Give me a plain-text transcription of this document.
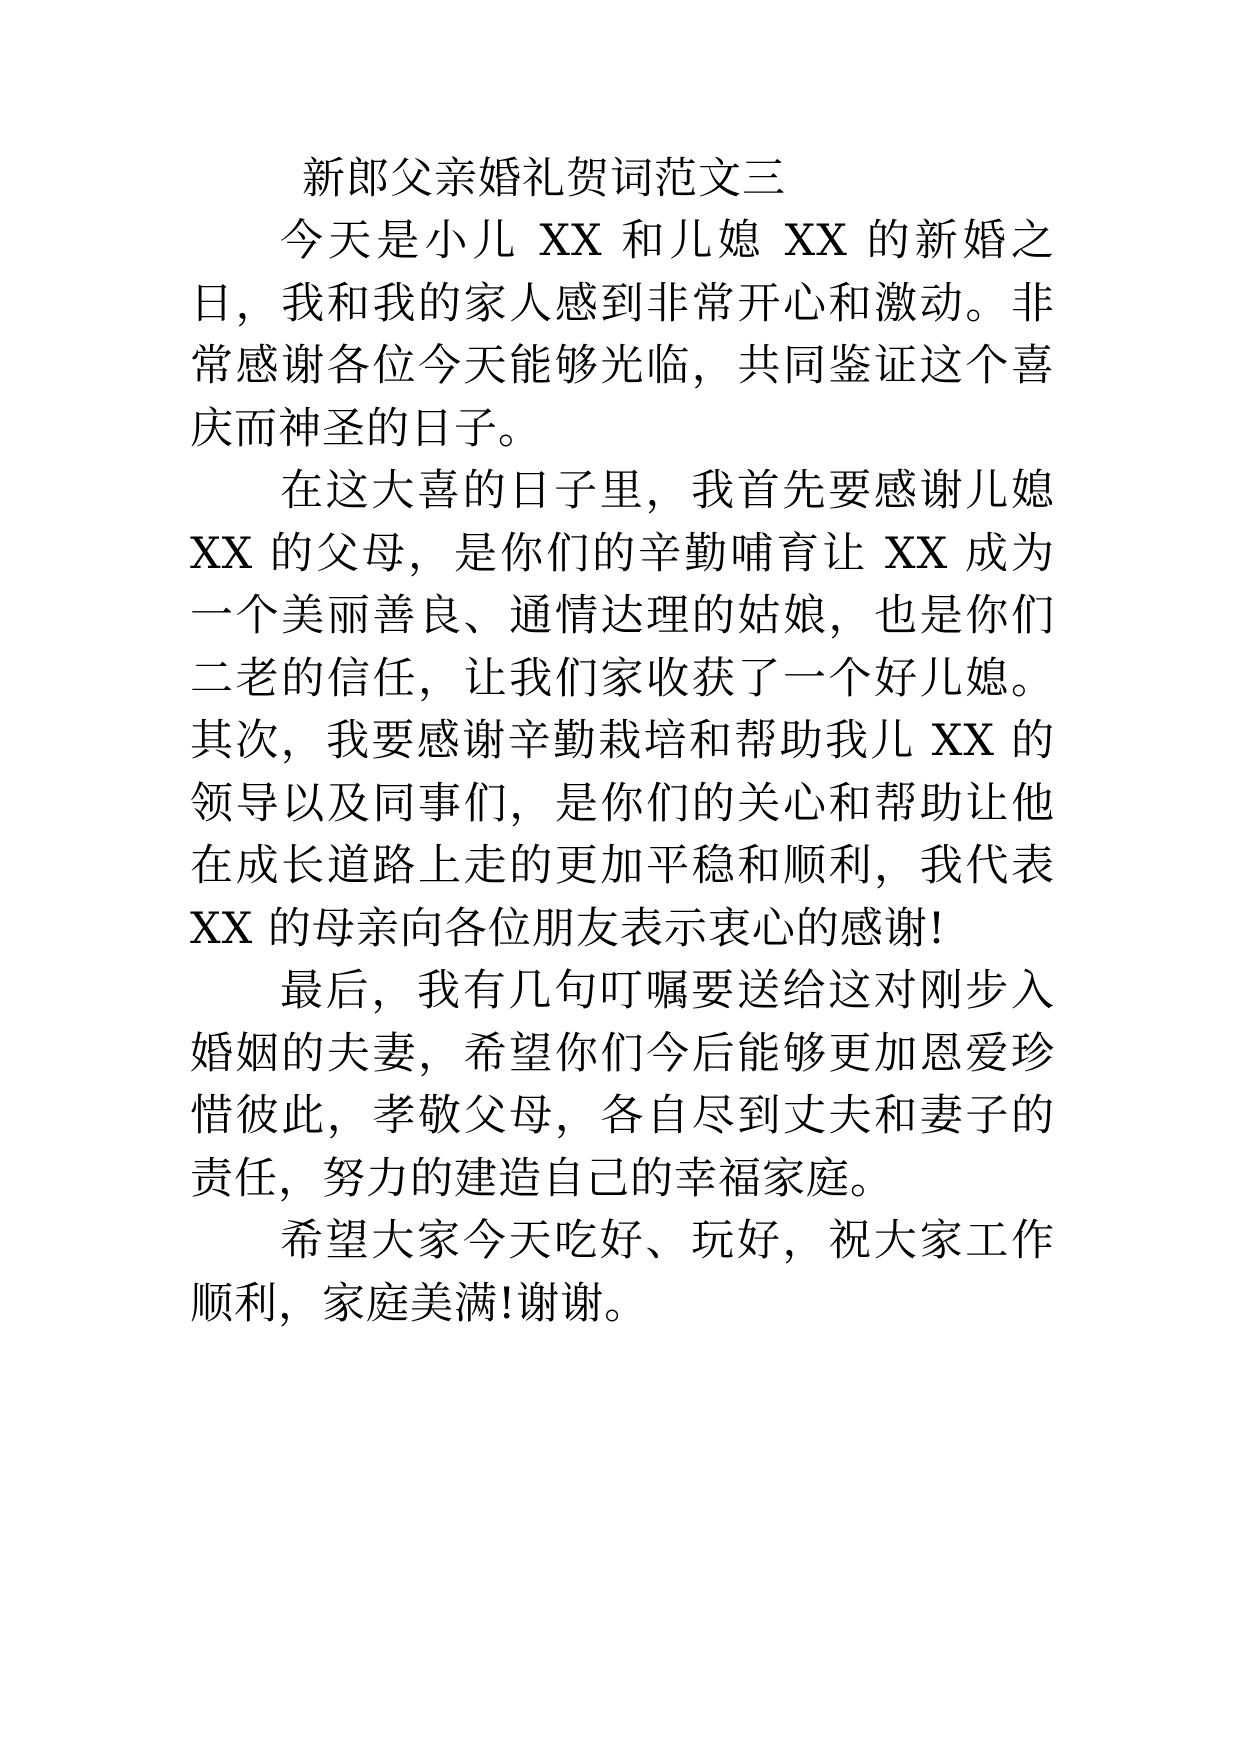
新郎父亲婚礼贺词范文三

今天是小儿 XX 和儿媳 XX 的新婚之日，我和我的家人感到非常开心和激动。非常感谢各位今天能够光临，共同鉴证这个喜庆而神圣的日子。

在这大喜的日子里，我首先要感谢儿媳 XX 的父母，是你们的辛勤哺育让 XX 成为一个美丽善良、通情达理的姑娘，也是你们二老的信任，让我们家收获了一个好儿媳。其次，我要感谢辛勤栽培和帮助我儿 XX 的领导以及同事们，是你们的关心和帮助让他在成长道路上走的更加平稳和顺利，我代表 XX 的母亲向各位朋友表示衷心的感谢!

最后，我有几句叮嘱要送给这对刚步入婚姻的夫妻，希望你们今后能够更加恩爱珍惜彼此，孝敬父母，各自尽到丈夫和妻子的责任，努力的建造自己的幸福家庭。

希望大家今天吃好、玩好，祝大家工作顺利，家庭美满!谢谢。
